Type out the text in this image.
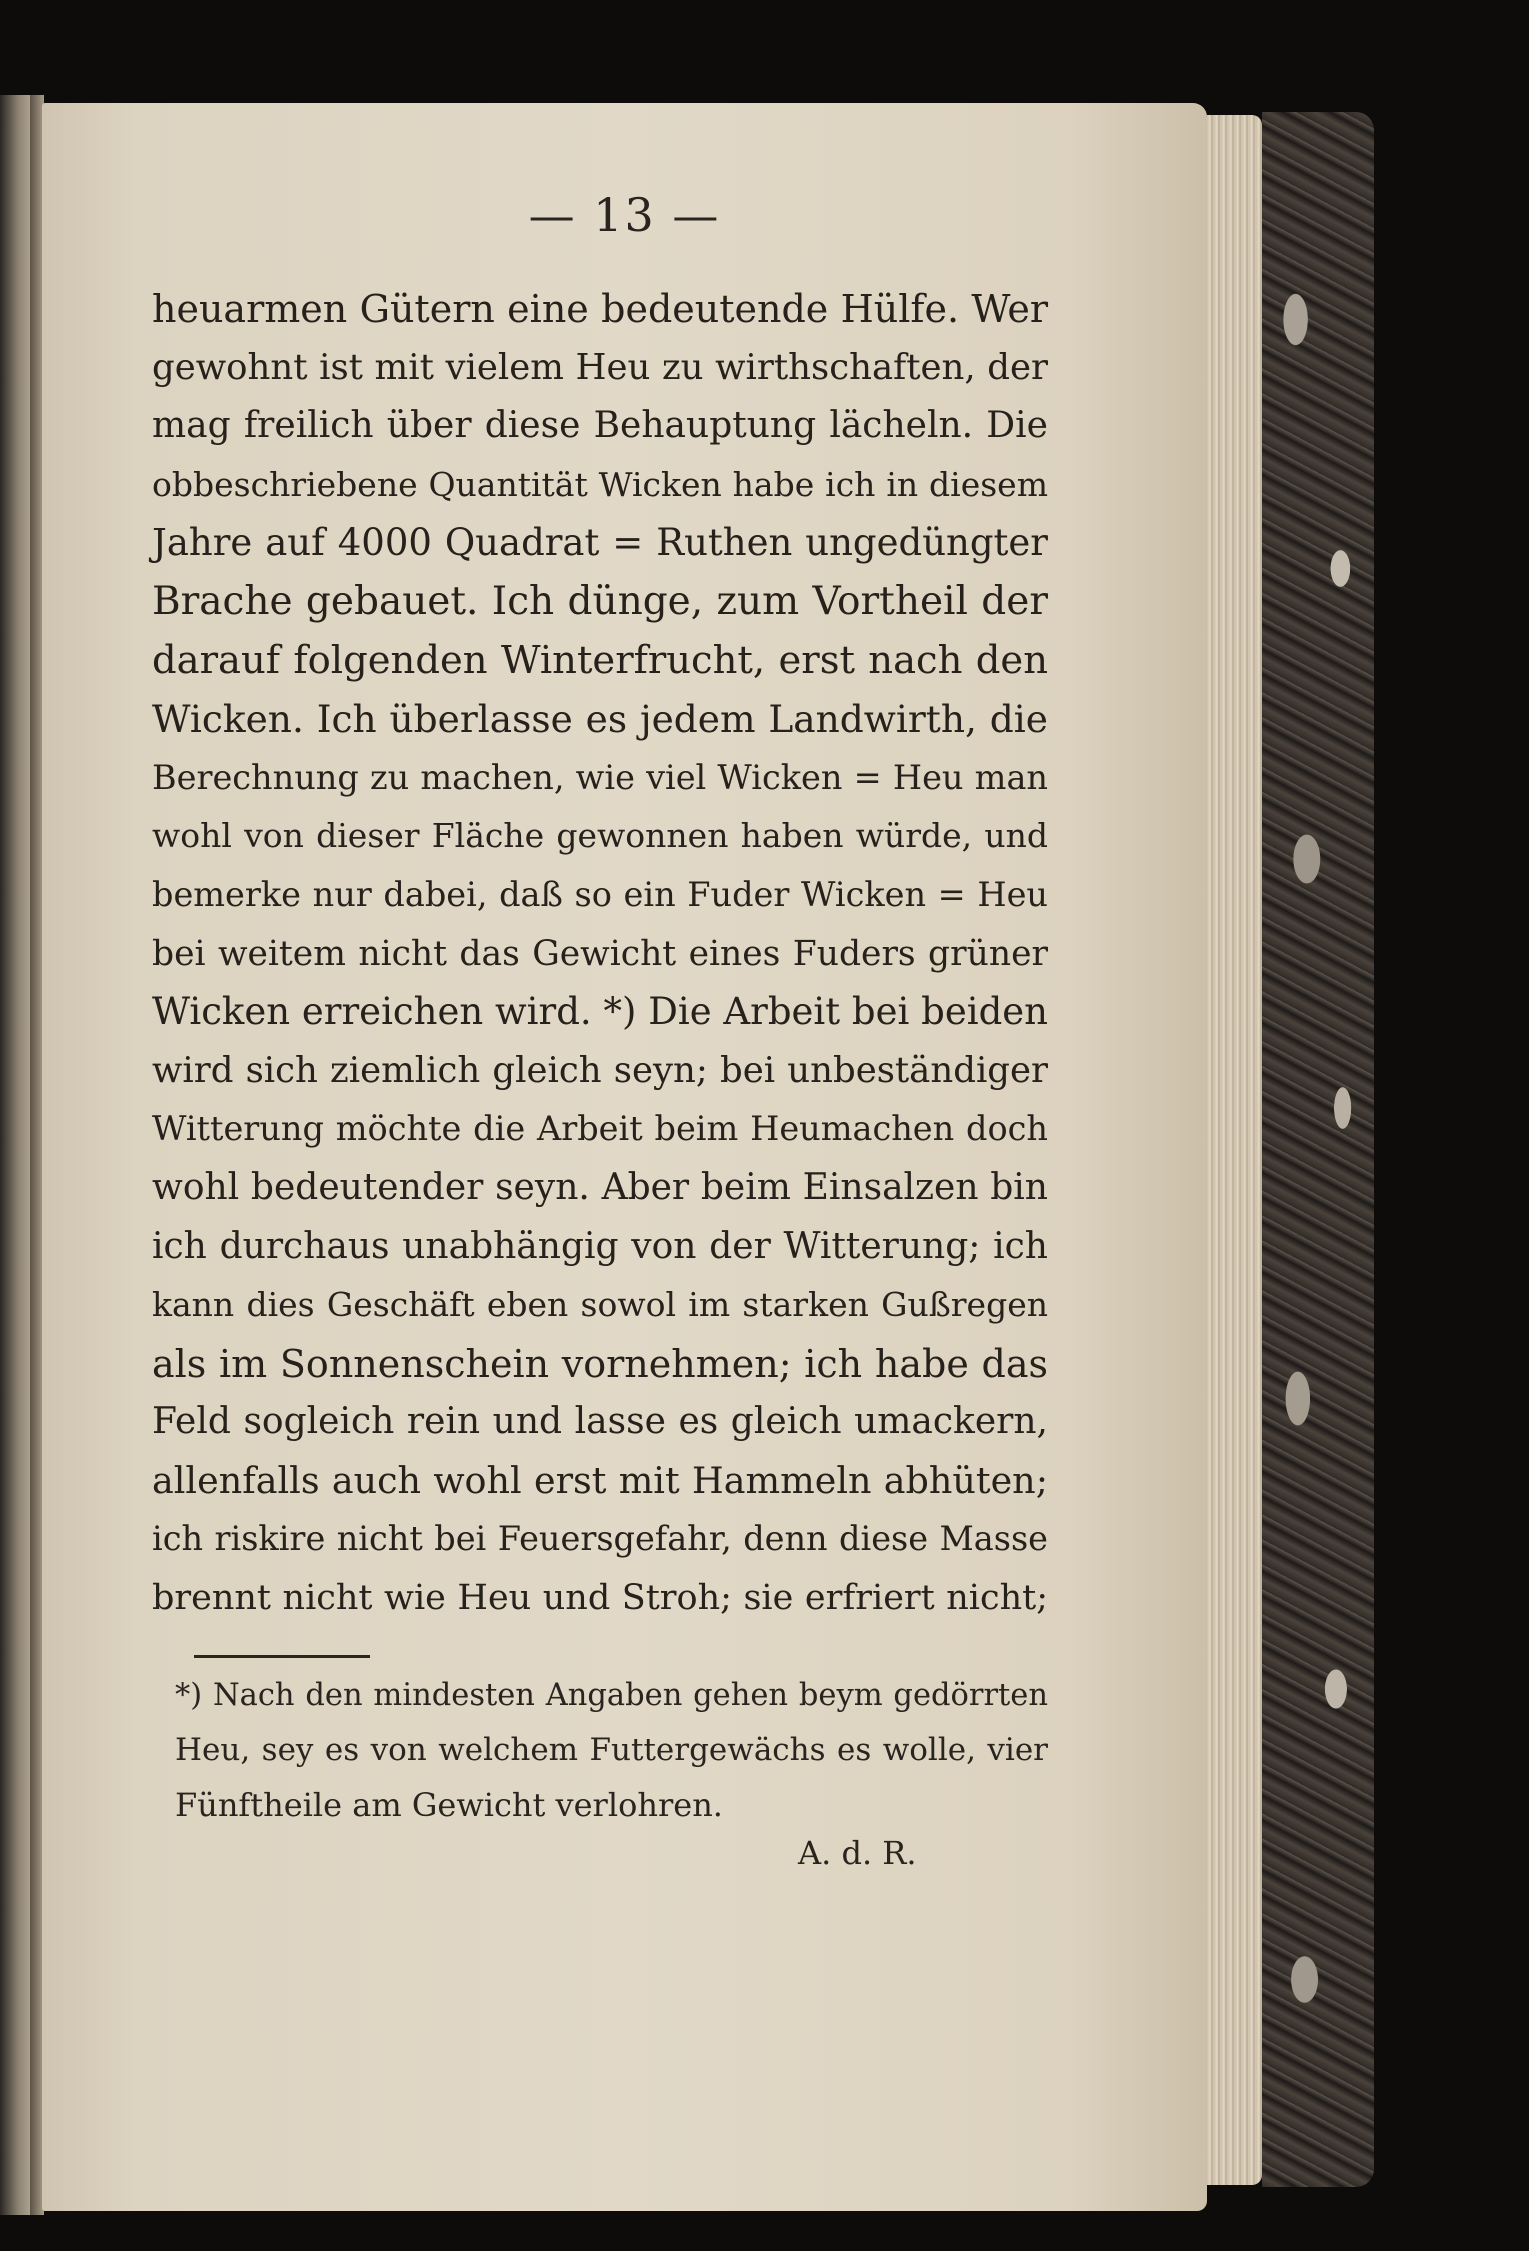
— 13 —
heuarmen Gütern eine bedeutende Hülfe. Wer
gewohnt ist mit vielem Heu zu wirthschaften, der
mag freilich über diese Behauptung lächeln. Die
obbeschriebene Quantität Wicken habe ich in diesem
Jahre auf 4000 Quadrat = Ruthen ungedüngter
Brache gebauet. Ich dünge, zum Vortheil der
darauf folgenden Winterfrucht, erst nach den
Wicken. Ich überlasse es jedem Landwirth, die
Berechnung zu machen, wie viel Wicken = Heu man
wohl von dieser Fläche gewonnen haben würde, und
bemerke nur dabei, daß so ein Fuder Wicken = Heu
bei weitem nicht das Gewicht eines Fuders grüner
Wicken erreichen wird. *) Die Arbeit bei beiden
wird sich ziemlich gleich seyn; bei unbeständiger
Witterung möchte die Arbeit beim Heumachen doch
wohl bedeutender seyn. Aber beim Einsalzen bin
ich durchaus unabhängig von der Witterung; ich
kann dies Geschäft eben sowol im starken Gußregen
als im Sonnenschein vornehmen; ich habe das
Feld sogleich rein und lasse es gleich umackern,
allenfalls auch wohl erst mit Hammeln abhüten;
ich riskire nicht bei Feuersgefahr, denn diese Masse
brennt nicht wie Heu und Stroh; sie erfriert nicht;
*) Nach den mindesten Angaben gehen beym gedörrten
Heu, sey es von welchem Futtergewächs es wolle, vier
Fünftheile am Gewicht verlohren.
A. d. R.
